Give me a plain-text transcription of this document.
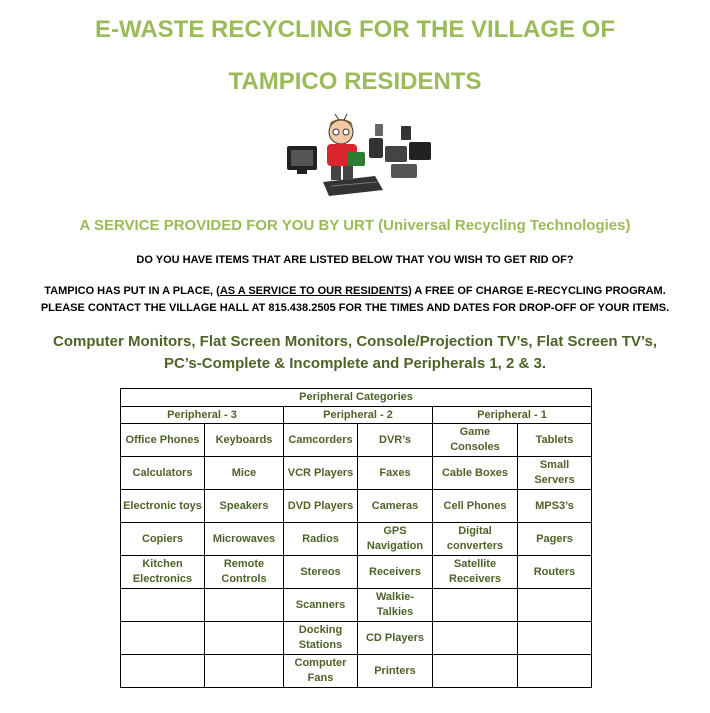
E-WASTE RECYCLING FOR THE VILLAGE OF
TAMPICO RESIDENTS

A SERVICE PROVIDED FOR YOU BY URT (Universal Recycling Technologies)

DO YOU HAVE ITEMS THAT ARE LISTED BELOW THAT YOU WISH TO GET RID OF?

TAMPICO HAS PUT IN A PLACE, (AS A SERVICE TO OUR RESIDENTS) A FREE OF CHARGE E-RECYCLING PROGRAM.

PLEASE CONTACT THE VILLAGE HALL AT 815.438.2505 FOR THE TIMES AND DATES FOR DROP-OFF OF YOUR ITEMS.

Computer Monitors, Flat Screen Monitors, Console/Projection TV’s, Flat Screen TV’s,

PC’s-Complete & Incomplete and Peripherals 1, 2 & 3.

Peripheral Categories					
Peripheral - 3		Peripheral - 2		Peripheral - 1	
Office Phones	Keyboards	Camcorders	DVR’s	Game Consoles	Tablets
Calculators	Mice	VCR Players	Faxes	Cable Boxes	Small Servers
Electronic toys	Speakers	DVD Players	Cameras	Cell Phones	MPS3’s
Copiers	Microwaves	Radios	GPS Navigation	Digital converters	Pagers
Kitchen Electronics	Remote Controls	Stereos	Receivers	Satellite Receivers	Routers
		Scanners	Walkie-Talkies		
		Docking Stations	CD Players		
		Computer Fans	Printers		
